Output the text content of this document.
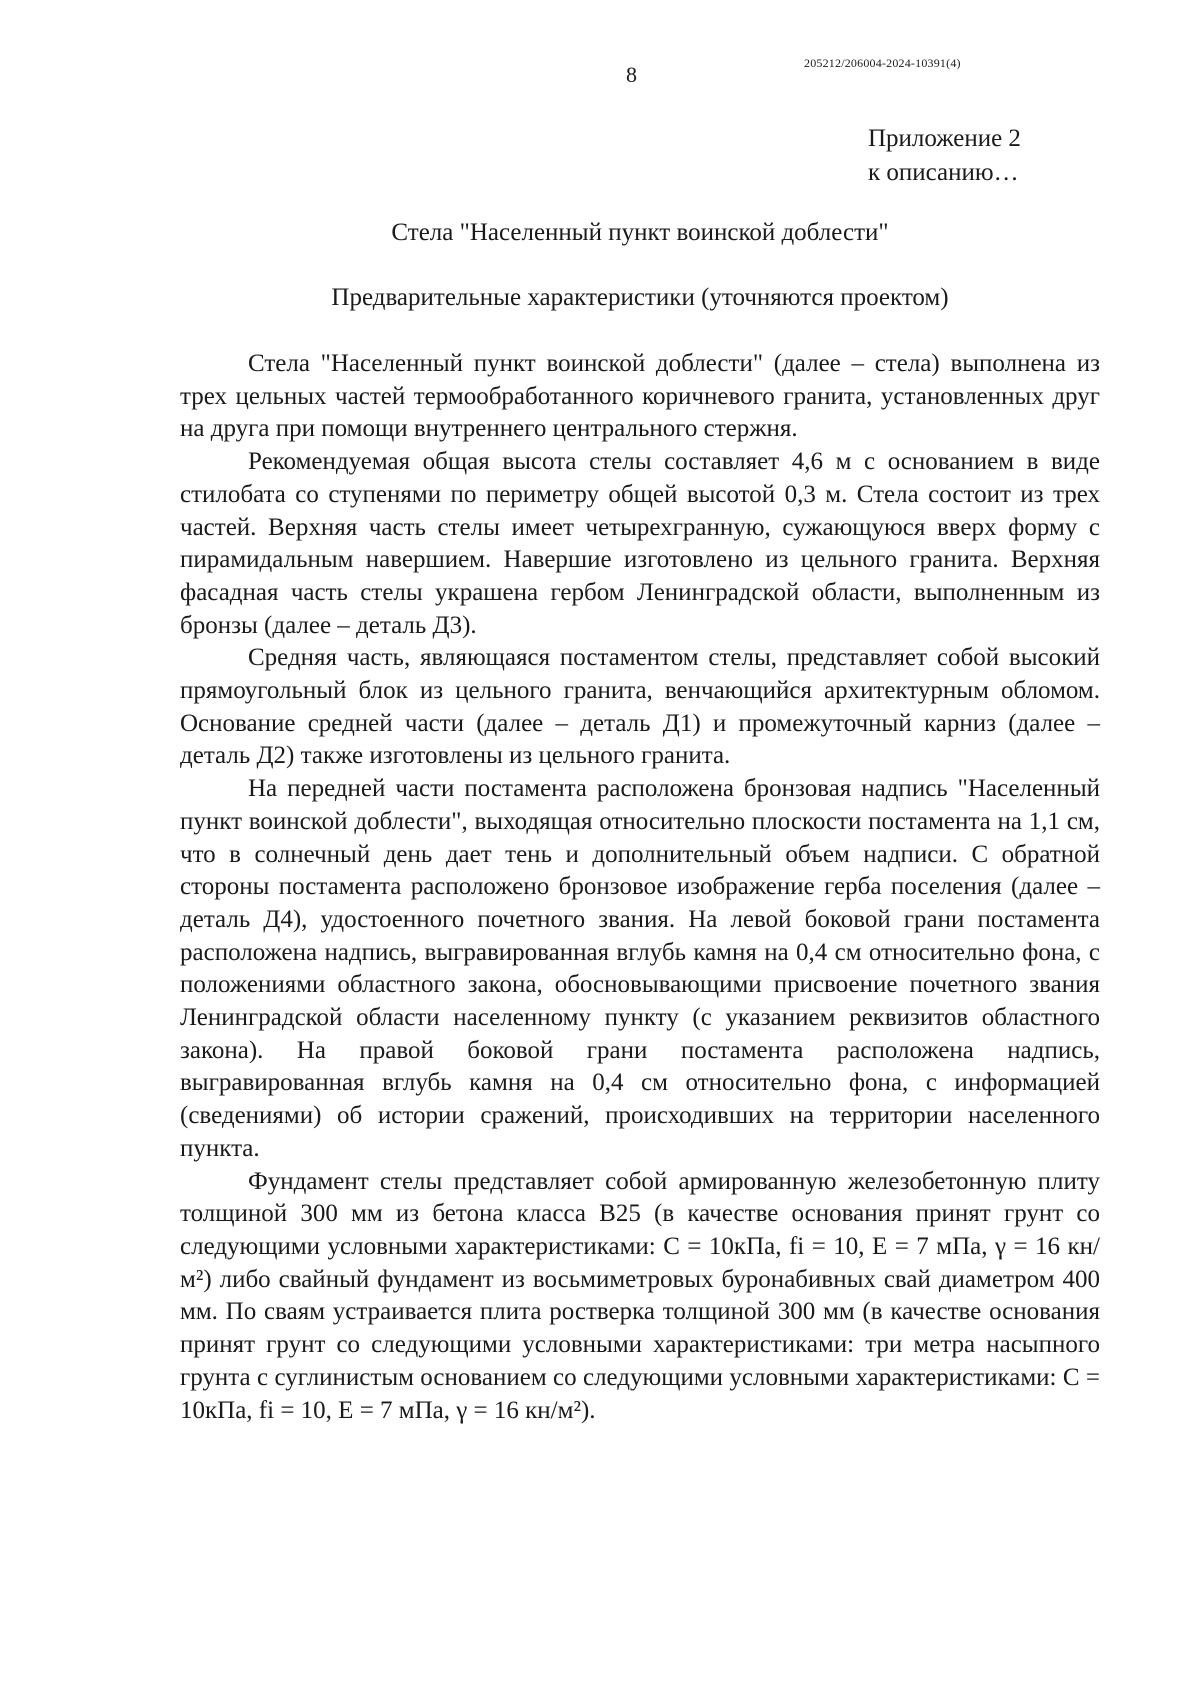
8	205212/206004-2024-10391(4)
Приложение 2
к описанию…
Стела "Населенный пункт воинской доблести"
Предварительные характеристики (уточняются проектом)

Стела "Населенный пункт воинской доблести" (далее – стела) выполнена из трех цельных частей термообработанного коричневого гранита, установленных друг на друга при помощи внутреннего центрального стержня.

Рекомендуемая общая высота стелы составляет 4,6 м с основанием в виде стилобата со ступенями по периметру общей высотой 0,3 м. Стела состоит из трех частей. Верхняя часть стелы имеет четырехгранную, сужающуюся вверх форму с пирамидальным навершием. Навершие изготовлено из цельного гранита. Верхняя фасадная часть стелы украшена гербом Ленинградской области, выполненным из бронзы (далее – деталь Д3).

Средняя часть, являющаяся постаментом стелы, представляет собой высокий прямоугольный блок из цельного гранита, венчающийся архитектурным обломом. Основание средней части (далее – деталь Д1) и промежуточный карниз (далее – деталь Д2) также изготовлены из цельного гранита.

На передней части постамента расположена бронзовая надпись "Населенный пункт воинской доблести", выходящая относительно плоскости постамента на 1,1 см, что в солнечный день дает тень и дополнительный объем надписи. С обратной стороны постамента расположено бронзовое изображение герба поселения (далее – деталь Д4), удостоенного почетного звания. На левой боковой грани постамента расположена надпись, выгравированная вглубь камня на 0,4 см относительно фона, с положениями областного закона, обосновывающими присвоение почетного звания Ленинградской области населенному пункту (с указанием реквизитов областного закона). На правой боковой грани постамента расположена надпись, выгравированная вглубь камня на 0,4 см относительно фона, с информацией (сведениями) об истории сражений, происходивших на территории населенного пункта.

Фундамент стелы представляет собой армированную железобетонную плиту толщиной 300 мм из бетона класса В25 (в качестве основания принят грунт со следующими условными характеристиками: C = 10кПа, fi = 10, E = 7 мПа, γ = 16 кн/м²) либо свайный фундамент из восьмиметровых буронабивных свай диаметром 400 мм. По сваям устраивается плита ростверка толщиной 300 мм (в качестве основания принят грунт со следующими условными характеристиками: три метра насыпного грунта с суглинистым основанием со следующими условными характеристиками: C = 10кПа, fi = 10, E = 7 мПа, γ = 16 кн/м²).
